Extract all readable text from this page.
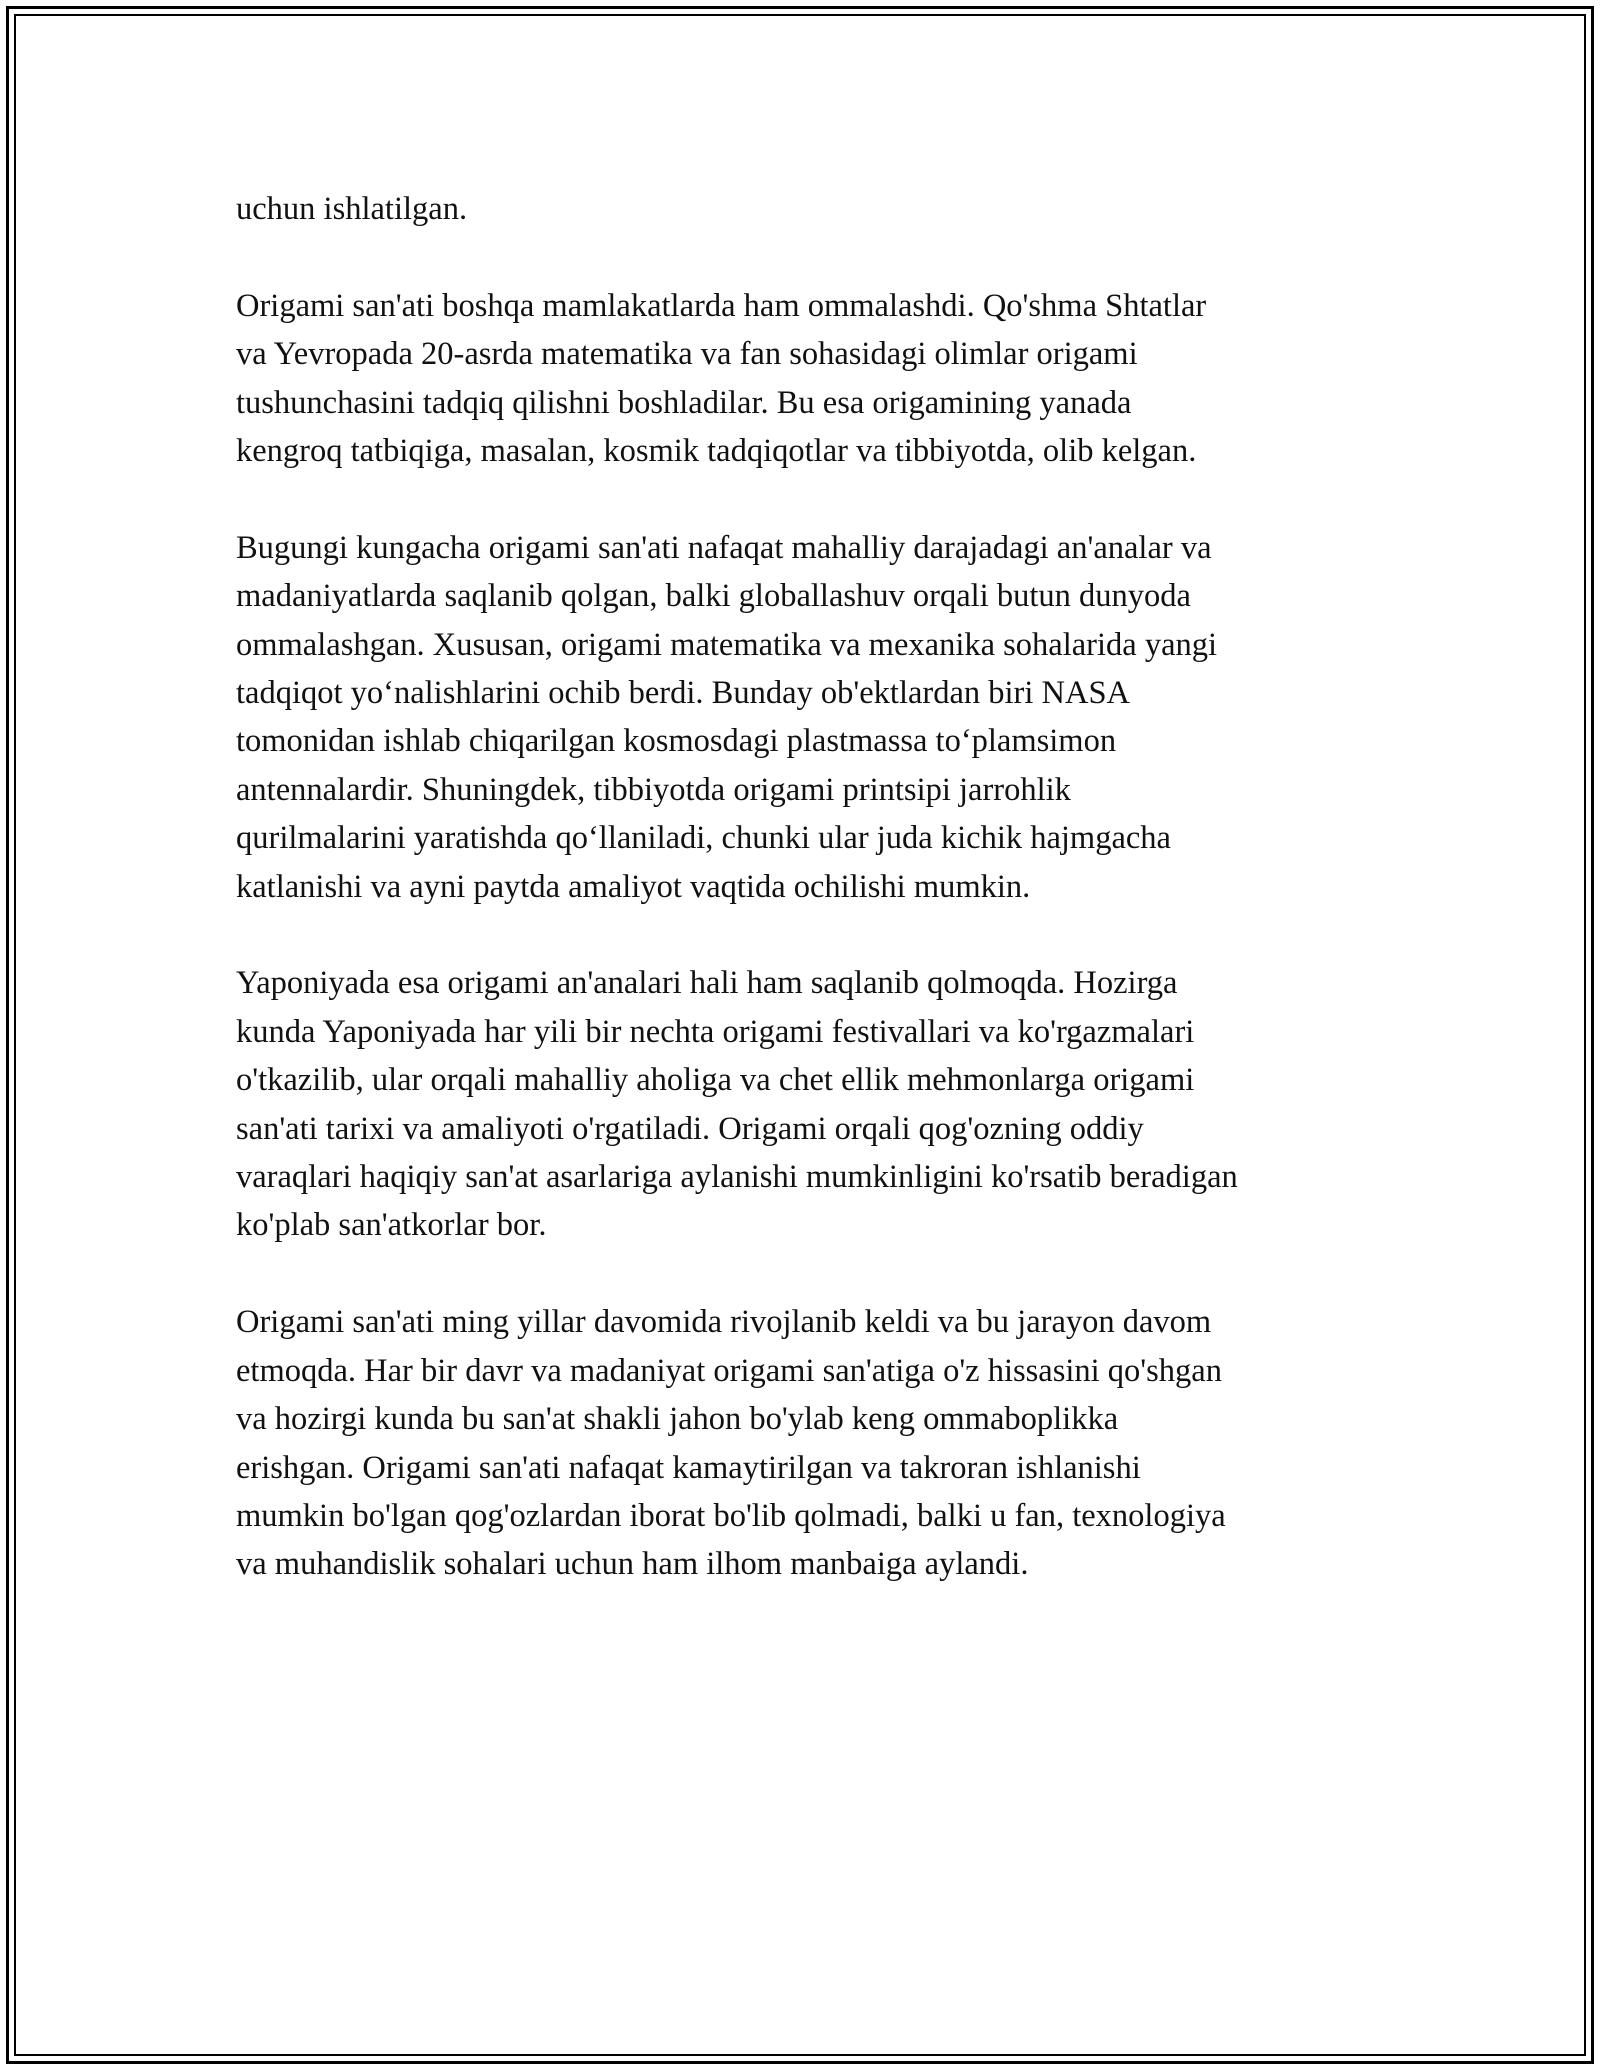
uchun ishlatilgan.

Origami san'ati boshqa mamlakatlarda ham ommalashdi. Qo'shma Shtatlar
va Yevropada 20-asrda matematika va fan sohasidagi olimlar origami
tushunchasini tadqiq qilishni boshladilar. Bu esa origamining yanada
kengroq tatbiqiga, masalan, kosmik tadqiqotlar va tibbiyotda, olib kelgan.

Bugungi kungacha origami san'ati nafaqat mahalliy darajadagi an'analar va
madaniyatlarda saqlanib qolgan, balki globallashuv orqali butun dunyoda
ommalashgan. Xususan, origami matematika va mexanika sohalarida yangi
tadqiqot yo‘nalishlarini ochib berdi. Bunday ob'ektlardan biri NASA
tomonidan ishlab chiqarilgan kosmosdagi plastmassa to‘plamsimon
antennalardir. Shuningdek, tibbiyotda origami printsipi jarrohlik
qurilmalarini yaratishda qo‘llaniladi, chunki ular juda kichik hajmgacha
katlanishi va ayni paytda amaliyot vaqtida ochilishi mumkin.

Yaponiyada esa origami an'analari hali ham saqlanib qolmoqda. Hozirga
kunda Yaponiyada har yili bir nechta origami festivallari va ko'rgazmalari
o'tkazilib, ular orqali mahalliy aholiga va chet ellik mehmonlarga origami
san'ati tarixi va amaliyoti o'rgatiladi. Origami orqali qog'ozning oddiy
varaqlari haqiqiy san'at asarlariga aylanishi mumkinligini ko'rsatib beradigan
ko'plab san'atkorlar bor.

Origami san'ati ming yillar davomida rivojlanib keldi va bu jarayon davom
etmoqda. Har bir davr va madaniyat origami san'atiga o'z hissasini qo'shgan
va hozirgi kunda bu san'at shakli jahon bo'ylab keng ommaboplikka
erishgan. Origami san'ati nafaqat kamaytirilgan va takroran ishlanishi
mumkin bo'lgan qog'ozlardan iborat bo'lib qolmadi, balki u fan, texnologiya
va muhandislik sohalari uchun ham ilhom manbaiga aylandi.
